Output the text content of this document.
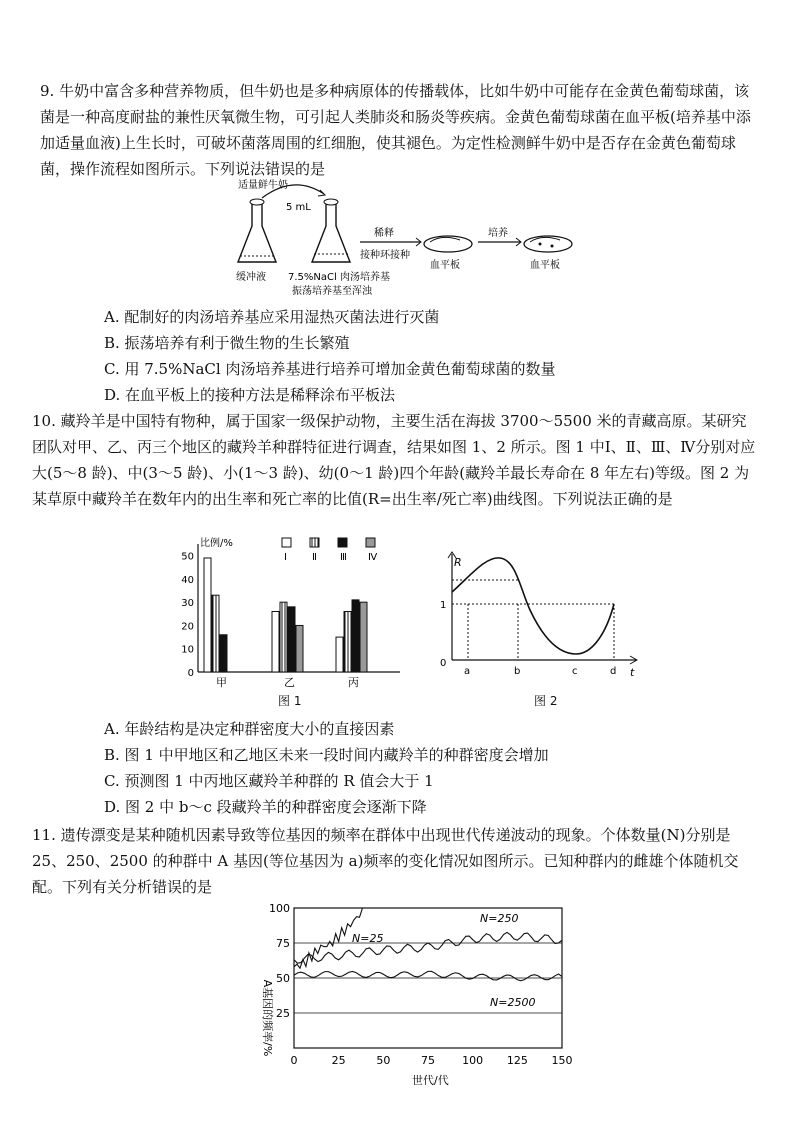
9. 牛奶中富含多种营养物质，但牛奶也是多种病原体的传播载体，比如牛奶中可能存在金黄色葡萄球菌，该菌是一种高度耐盐的兼性厌氧微生物，可引起人类肺炎和肠炎等疾病。金黄色葡萄球菌在血平板(培养基中添加适量血液)上生长时，可破坏菌落周围的红细胞，使其褪色。为定性检测鲜牛奶中是否存在金黄色葡萄球菌，操作流程如图所示。下列说法错误的是

适量鲜牛奶
5 mL
缓冲液 7.5%NaCl 肉汤培养基
振荡培养基至浑浊
稀释
接种环接种
血平板
培养
血平板
A. 配制好的肉汤培养基应采用湿热灭菌法进行灭菌
B. 振荡培养有利于微生物的生长繁殖
C. 用 7.5%NaCl 肉汤培养基进行培养可增加金黄色葡萄球菌的数量
D. 在血平板上的接种方法是稀释涂布平板法

10. 藏羚羊是中国特有物种，属于国家一级保护动物，主要生活在海拔 3700～5500 米的青藏高原。某研究团队对甲、乙、丙三个地区的藏羚羊种群特征进行调查，结果如图 1、2 所示。图 1 中Ⅰ、Ⅱ、Ⅲ、Ⅳ分别对应大(5～8 龄)、中(3～5 龄)、小(1～3 龄)、幼(0～1 龄)四个年龄(藏羚羊最长寿命在 8 年左右)等级。图 2 为某草原中藏羚羊在数年内的出生率和死亡率的比值(R=出生率/死亡率)曲线图。下列说法正确的是

比例/%
0
10
20
30
40
50
甲	乙	丙
Ⅰ	Ⅱ Ⅲ Ⅳ
图 1
R
t
0
1
a	b	c	d
图 2
A. 年龄结构是决定种群密度大小的直接因素
B. 图 1 中甲地区和乙地区未来一段时间内藏羚羊的种群密度会增加
C. 预测图 1 中丙地区藏羚羊种群的 R 值会大于 1
D. 图 2 中 b～c 段藏羚羊的种群密度会逐渐下降

11. 遗传漂变是某种随机因素导致等位基因的频率在群体中出现世代传递波动的现象。个体数量(N)分别是 25、250、2500 的种群中 A 基因(等位基因为 a)频率的变化情况如图所示。已知种群内的雌雄个体随机交配。下列有关分析错误的是

25
50
75
100
0	25	50	75 100 125 150
A基因的频率/%
世代/代
N=25
N=250
N=2500
